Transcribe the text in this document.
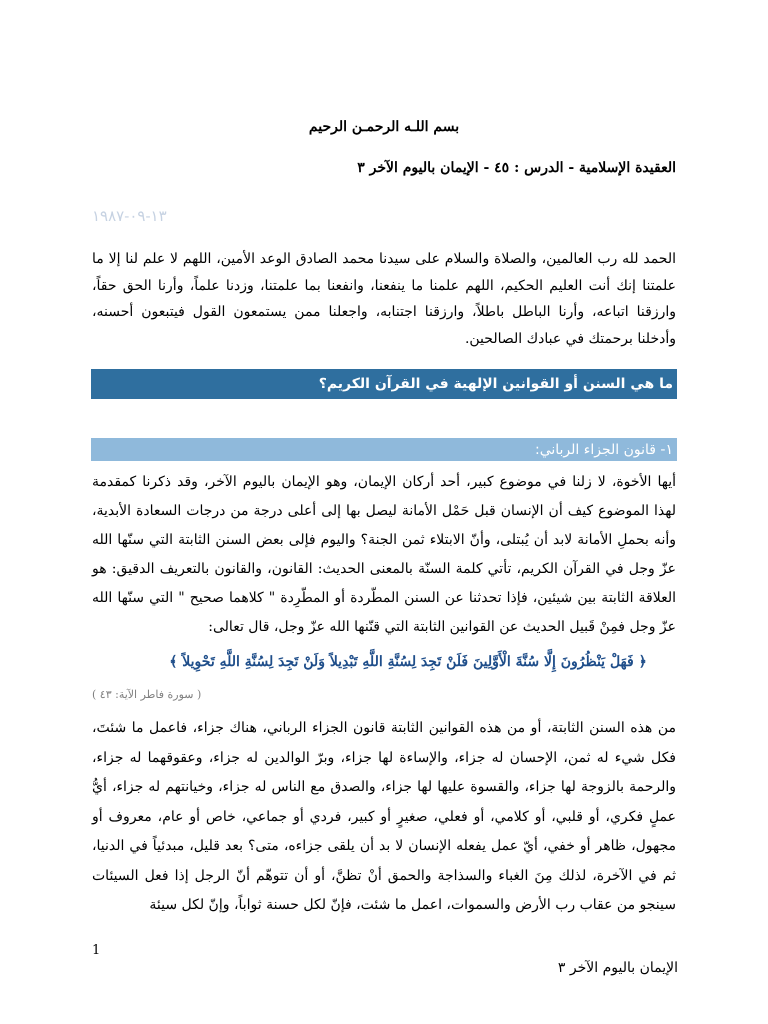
بسم اللـه الرحمـن الرحيم
العقيدة الإسلامية - الدرس : ٤٥ - الإيمان باليوم الآخر ٣
١٣-٠٩-١٩٨٧
الحمد لله رب العالمين، والصلاة والسلام على سيدنا محمد الصادق الوعد الأمين، اللهم لا علم لنا إلا ما علمتنا إنك أنت العليم الحكيم، اللهم علمنا ما ينفعنا، وانفعنا بما علمتنا، وزدنا علماً، وأرنا الحق حقاً، وارزقنا اتباعه، وأرنا الباطل باطلاً، وارزقنا اجتنابه، واجعلنا ممن يستمعون القول فيتبعون أحسنه، وأدخلنا برحمتك في عبادك الصالحين.
ما هي السنن أو القوانين الإلهية في القرآن الكريم؟
١- قانون الجزاء الرباني:
أيها الأخوة، لا زلنا في موضوع كبير، أحد أركان الإيمان، وهو الإيمان باليوم الآخر، وقد ذكرنا كمقدمة لهذا الموضوع كيف أن الإنسان قبل حَمْل الأمانة ليصل بها إلى أعلى درجة من درجات السعادة الأبدية، وأنه بحملِ الأمانة لابد أن يُبتلى، وأنّ الابتلاء ثمن الجنة؟ واليوم فإلى بعض السنن الثابتة التي سنّها الله عزّ وجل في القرآن الكريم، تأتي كلمة السنّة بالمعنى الحديث: القانون، والقانون بالتعريف الدقيق: هو العلاقة الثابتة بين شيئين، فإذا تحدثنا عن السنن المطّردة أو المطّرِدة " كلاهما صحيح " التي سنّها الله عزّ وجل فمِنْ قَبيل الحديث عن القوانين الثابتة التي قنّنها الله عزّ وجل، قال تعالى:
﴿ فَهَلْ يَنْظُرُونَ إِلَّا سُنَّةَ الْأَوَّلِينَ فَلَنْ تَجِدَ لِسُنَّةِ اللَّهِ تَبْدِيلاً وَلَنْ تَجِدَ لِسُنَّةِ اللَّهِ تَحْوِيلاً ﴾
( سورة فاطر الآية: ٤٣ )
من هذه السنن الثابتة، أو من هذه القوانين الثابتة قانون الجزاء الرباني، هناك جزاء، فاعمل ما شئتَ، فكل شيء له ثمن، الإحسان له جزاء، والإساءة لها جزاء، وبرّ الوالدين له جزاء، وعقوقهما له جزاء، والرحمة بالزوجة لها جزاء، والقسوة عليها لها جزاء، والصدق مع الناس له جزاء، وخيانتهم له جزاء، أيُّ عملٍ فكري، أو قلبي، أو كلامي، أو فعلي، صغيرٍ أو كبير، فردي أو جماعي، خاص أو عام، معروف أو مجهول، ظاهر أو خفي، أيّ عمل يفعله الإنسان لا بد أن يلقى جزاءه، متى؟ بعد قليل، مبدئياً في الدنيا، ثم في الآخرة، لذلك مِنَ الغباء والسذاجة والحمق أنْ تظنَّ، أو أن تتوهّم أنّ الرجل إذا فعل السيئات سينجو من عقاب رب الأرض والسموات، اعمل ما شئت، فإنّ لكل حسنة ثواباً، وإنّ لكل سيئة
1
الإيمان باليوم الآخر ٣
